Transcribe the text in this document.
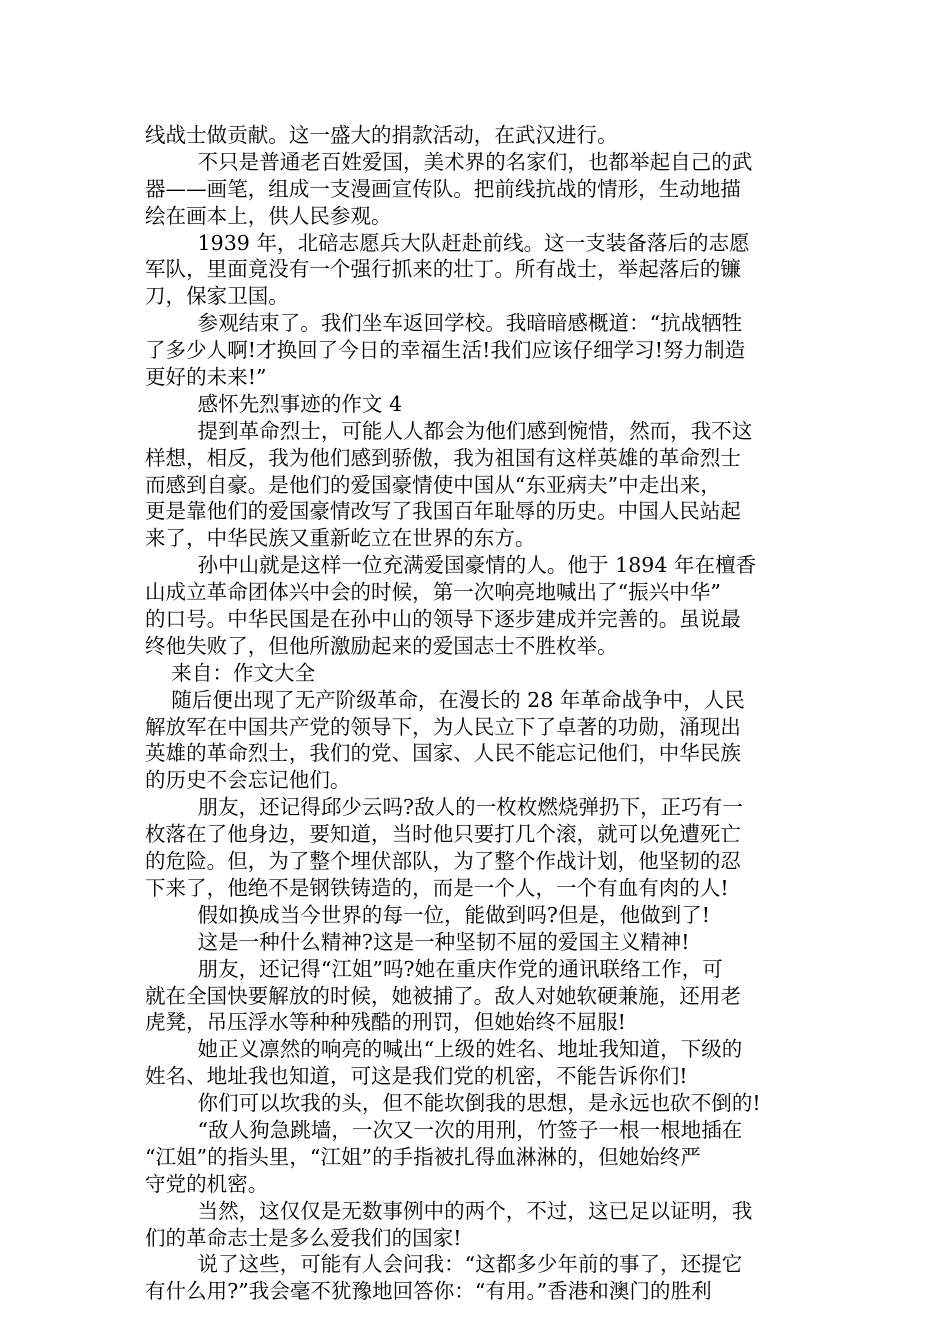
线战士做贡献。这一盛大的捐款活动，在武汉进行。
不只是普通老百姓爱国，美术界的名家们，也都举起自己的武
器——画笔，组成一支漫画宣传队。把前线抗战的情形，生动地描
绘在画本上，供人民参观。
1939 年，北碚志愿兵大队赶赴前线。这一支装备落后的志愿
军队，里面竟没有一个强行抓来的壮丁。所有战士，举起落后的镰
刀，保家卫国。
参观结束了。我们坐车返回学校。我暗暗感概道：“抗战牺牲
了多少人啊!才换回了今日的幸福生活!我们应该仔细学习!努力制造
更好的未来!”
感怀先烈事迹的作文 4
提到革命烈士，可能人人都会为他们感到惋惜，然而，我不这
样想，相反，我为他们感到骄傲，我为祖国有这样英雄的革命烈士
而感到自豪。是他们的爱国豪情使中国从“东亚病夫”中走出来，
更是靠他们的爱国豪情改写了我国百年耻辱的历史。中国人民站起
来了，中华民族又重新屹立在世界的东方。
孙中山就是这样一位充满爱国豪情的人。他于 1894 年在檀香
山成立革命团体兴中会的时候，第一次响亮地喊出了“振兴中华”
的口号。中华民国是在孙中山的领导下逐步建成并完善的。虽说最
终他失败了，但他所激励起来的爱国志士不胜枚举。
来自：作文大全
随后便出现了无产阶级革命，在漫长的 28 年革命战争中，人民
解放军在中国共产党的领导下，为人民立下了卓著的功勋，涌现出
英雄的革命烈士，我们的党、国家、人民不能忘记他们，中华民族
的历史不会忘记他们。
朋友，还记得邱少云吗?敌人的一枚枚燃烧弹扔下，正巧有一
枚落在了他身边，要知道，当时他只要打几个滚，就可以免遭死亡
的危险。但，为了整个埋伏部队，为了整个作战计划，他坚韧的忍
下来了，他绝不是钢铁铸造的，而是一个人，一个有血有肉的人!
假如换成当今世界的每一位，能做到吗?但是，他做到了!
这是一种什么精神?这是一种坚韧不屈的爱国主义精神!
朋友，还记得“江姐”吗?她在重庆作党的通讯联络工作，可
就在全国快要解放的时候，她被捕了。敌人对她软硬兼施，还用老
虎凳，吊压浮水等种种残酷的刑罚，但她始终不屈服!
她正义凛然的响亮的喊出“上级的姓名、地址我知道，下级的
姓名、地址我也知道，可这是我们党的机密，不能告诉你们!
你们可以坎我的头，但不能坎倒我的思想，是永远也砍不倒的!
“敌人狗急跳墙，一次又一次的用刑，竹签子一根一根地插在
“江姐”的指头里，“江姐”的手指被扎得血淋淋的，但她始终严
守党的机密。
当然，这仅仅是无数事例中的两个，不过，这已足以证明，我
们的革命志士是多么爱我们的国家!
说了这些，可能有人会问我：“这都多少年前的事了，还提它
有什么用?”我会毫不犹豫地回答你：“有用。”香港和澳门的胜利
